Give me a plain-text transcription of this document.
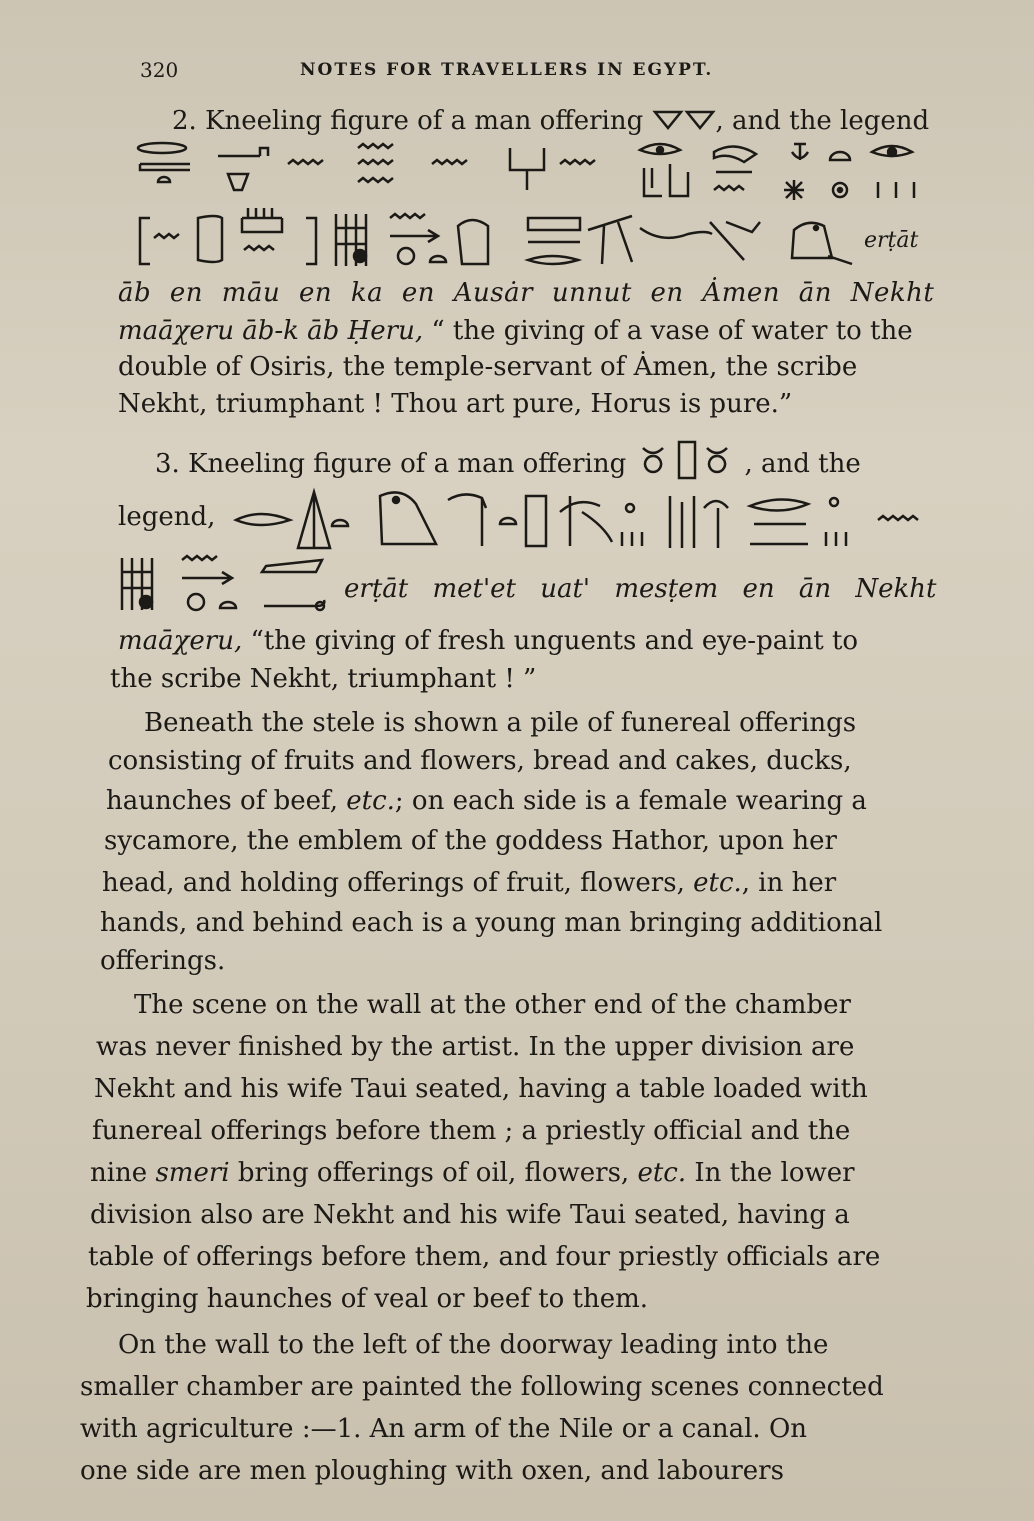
320	NOTES FOR TRAVELLERS IN EGYPT.
2. Kneeling figure of a man offering	, and the legend
erṭāt
āb en māu en ka en Ausȧr unnut en Ȧmen ān Nekht
maāχeru āb-k āb Ḥeru, “ the giving of a vase of water to the
double of Osiris, the temple-servant of Ȧmen, the scribe
Nekht, triumphant ! Thou art pure, Horus is pure.”
3. Kneeling figure of a man offering	, and the
legend,
erṭāt met'et uat' mesṭem en ān Nekht
maāχeru, “the giving of fresh unguents and eye-paint to
the scribe Nekht, triumphant ! ”
Beneath the stele is shown a pile of funereal offerings
consisting of fruits and flowers, bread and cakes, ducks,
haunches of beef, etc.; on each side is a female wearing a
sycamore, the emblem of the goddess Hathor, upon her
head, and holding offerings of fruit, flowers, etc., in her
hands, and behind each is a young man bringing additional
offerings.
The scene on the wall at the other end of the chamber
was never finished by the artist. In the upper division are
Nekht and his wife Taui seated, having a table loaded with
funereal offerings before them ; a priestly official and the
nine smeri bring offerings of oil, flowers, etc. In the lower
division also are Nekht and his wife Taui seated, having a
table of offerings before them, and four priestly officials are
bringing haunches of veal or beef to them.
On the wall to the left of the doorway leading into the
smaller chamber are painted the following scenes connected
with agriculture :—1. An arm of the Nile or a canal. On
one side are men ploughing with oxen, and labourers
